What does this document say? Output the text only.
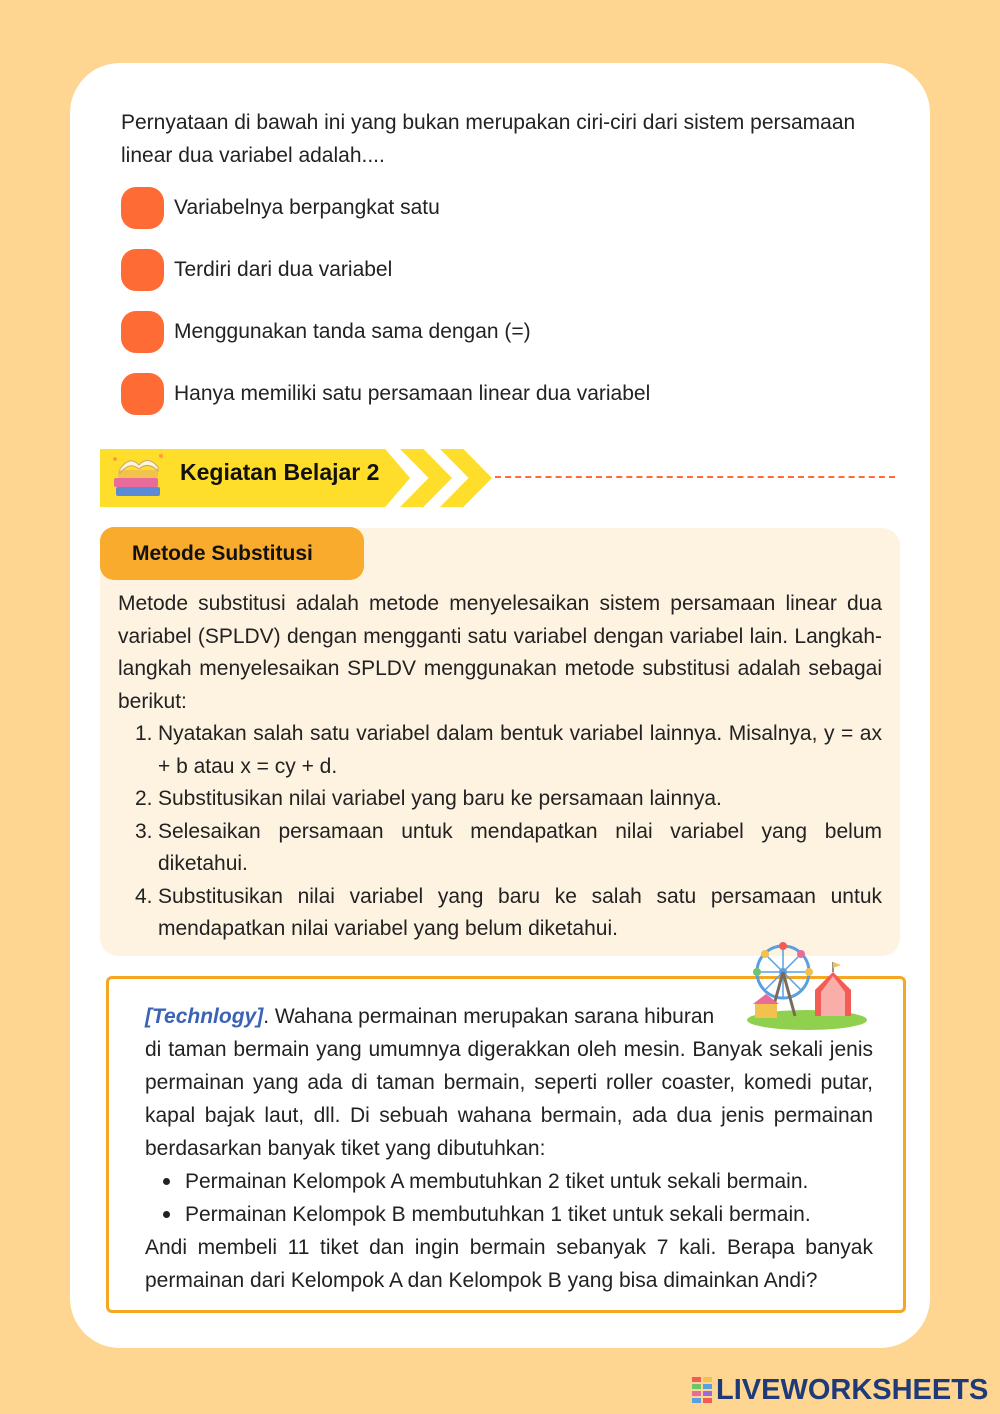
Pernyataan di bawah ini yang bukan merupakan ciri-ciri dari sistem persamaan linear dua variabel adalah....

Variabelnya berpangkat satu
Terdiri dari dua variabel
Menggunakan tanda sama dengan (=)
Hanya memiliki satu persamaan linear dua variabel
Kegiatan Belajar 2
Metode Substitusi

Metode substitusi adalah metode menyelesaikan sistem persamaan linear dua variabel (SPLDV) dengan mengganti satu variabel dengan variabel lain. Langkah-langkah menyelesaikan SPLDV menggunakan metode substitusi adalah sebagai berikut:

1. Nyatakan salah satu variabel dalam bentuk variabel lainnya. Misalnya, y = ax + b atau x = cy + d.
2. Substitusikan nilai variabel yang baru ke persamaan lainnya.
3. Selesaikan persamaan untuk mendapatkan nilai variabel yang belum diketahui.
4. Substitusikan nilai variabel yang baru ke salah satu persamaan untuk mendapatkan nilai variabel yang belum diketahui.

[Technlogy]. Wahana permainan merupakan sarana hiburan

di taman bermain yang umumnya digerakkan oleh mesin. Banyak sekali jenis permainan yang ada di taman bermain, seperti roller coaster, komedi putar, kapal bajak laut, dll. Di sebuah wahana bermain, ada dua jenis permainan berdasarkan banyak tiket yang dibutuhkan:

Permainan Kelompok A membutuhkan 2 tiket untuk sekali bermain.
Permainan Kelompok B membutuhkan 1 tiket untuk sekali bermain.

Andi membeli 11 tiket dan ingin bermain sebanyak 7 kali. Berapa banyak permainan dari Kelompok A dan Kelompok B yang bisa dimainkan Andi?

LIVEWORKSHEETS
